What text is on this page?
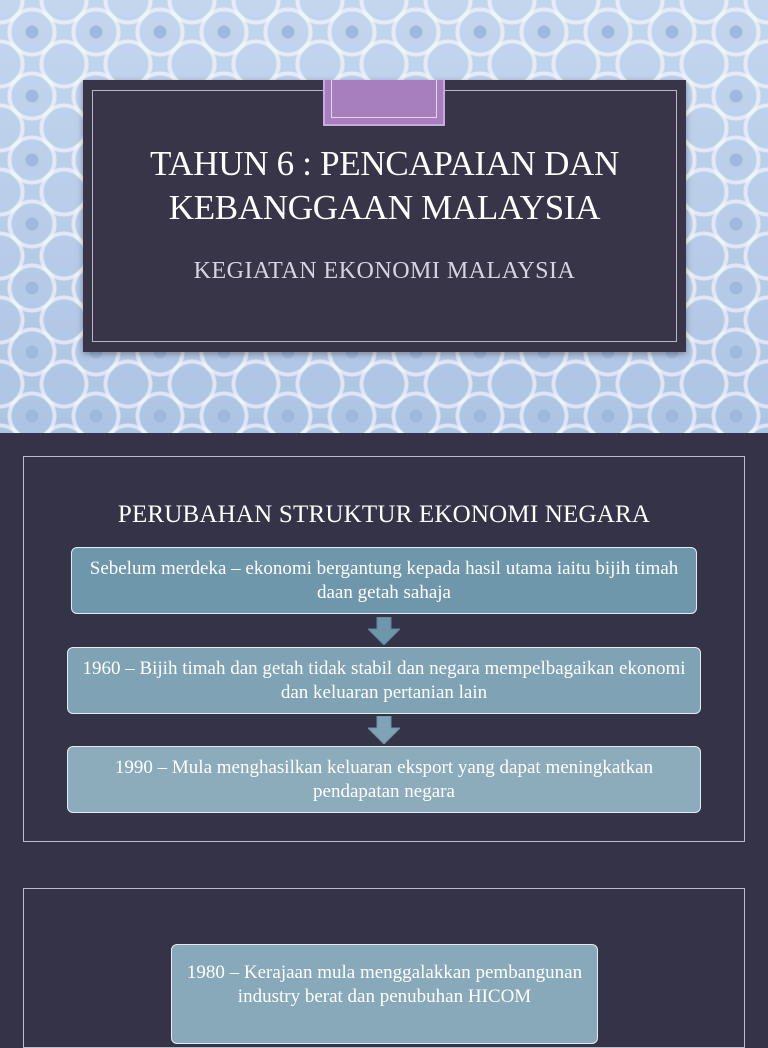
TAHUN 6 : PENCAPAIAN DAN KEBANGGAAN MALAYSIA
KEGIATAN EKONOMI MALAYSIA
PERUBAHAN STRUKTUR EKONOMI NEGARA
Sebelum merdeka – ekonomi bergantung kepada hasil utama iaitu bijih timah daan getah sahaja
1960 – Bijih timah dan getah tidak stabil dan negara mempelbagaikan ekonomi dan keluaran pertanian lain
1990 – Mula menghasilkan keluaran eksport yang dapat meningkatkan pendapatan negara
1980 – Kerajaan mula menggalakkan pembangunan industry berat dan penubuhan HICOM
